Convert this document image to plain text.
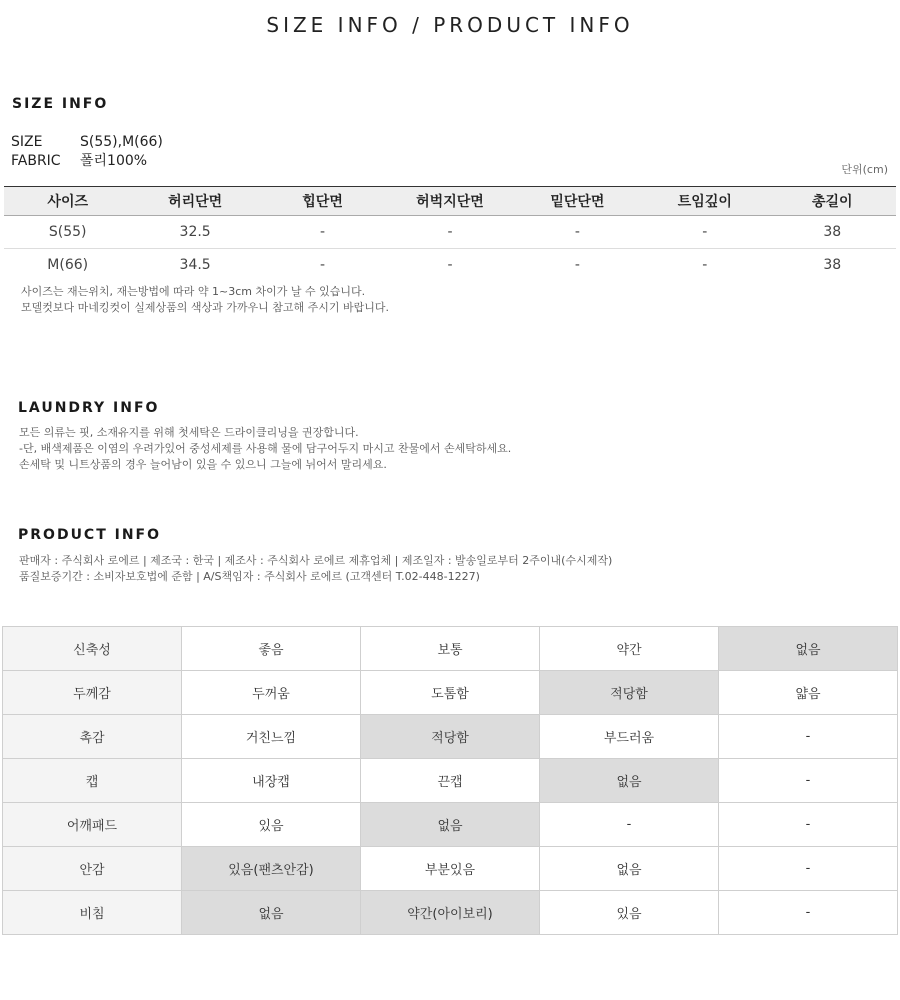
SIZE INFO / PRODUCT INFO
SIZE INFO
SIZE	S(55),M(66)
FABRIC 폴리100%
단위(cm)
사이즈	허리단면	힙단면	허벅지단면	밑단단면	트임깊이	총길이
S(55)	32.5	-	-	-	-	38
M(66)	34.5	-	-	-	-	38
사이즈는 재는위치, 재는방법에 따라 약 1~3cm 차이가 날 수 있습니다.
모델컷보다 마네킹컷이 실제상품의 색상과 가까우니 참고해 주시기 바랍니다.
LAUNDRY INFO
모든 의류는 핏, 소재유지를 위해 첫세탁은 드라이클리닝을 권장합니다.
-단, 배색제품은 이염의 우려가있어 중성세제를 사용해 물에 담구어두지 마시고 찬물에서 손세탁하세요.
손세탁 및 니트상품의 경우 늘어남이 있을 수 있으니 그늘에 뉘어서 말리세요.
PRODUCT INFO
판매자 : 주식회사 로에르 | 제조국 : 한국 | 제조사 : 주식회사 로에르 제휴업체 | 제조일자 : 발송일로부터 2주이내(수시제작)
품질보증기간 : 소비자보호법에 준함 | A/S책임자 : 주식회사 로에르 (고객센터 T.02-448-1227)
신축성	좋음	보통	약간	없음
두께감	두꺼움	도톰함	적당함	얇음
촉감	거친느낌	적당함	부드러움	-
캡	내장캡	끈캡	없음	-
어깨패드	있음	없음	-	-
안감	있음(팬츠안감)	부분있음	없음	-
비침	없음	약간(아이보리)	있음	-
